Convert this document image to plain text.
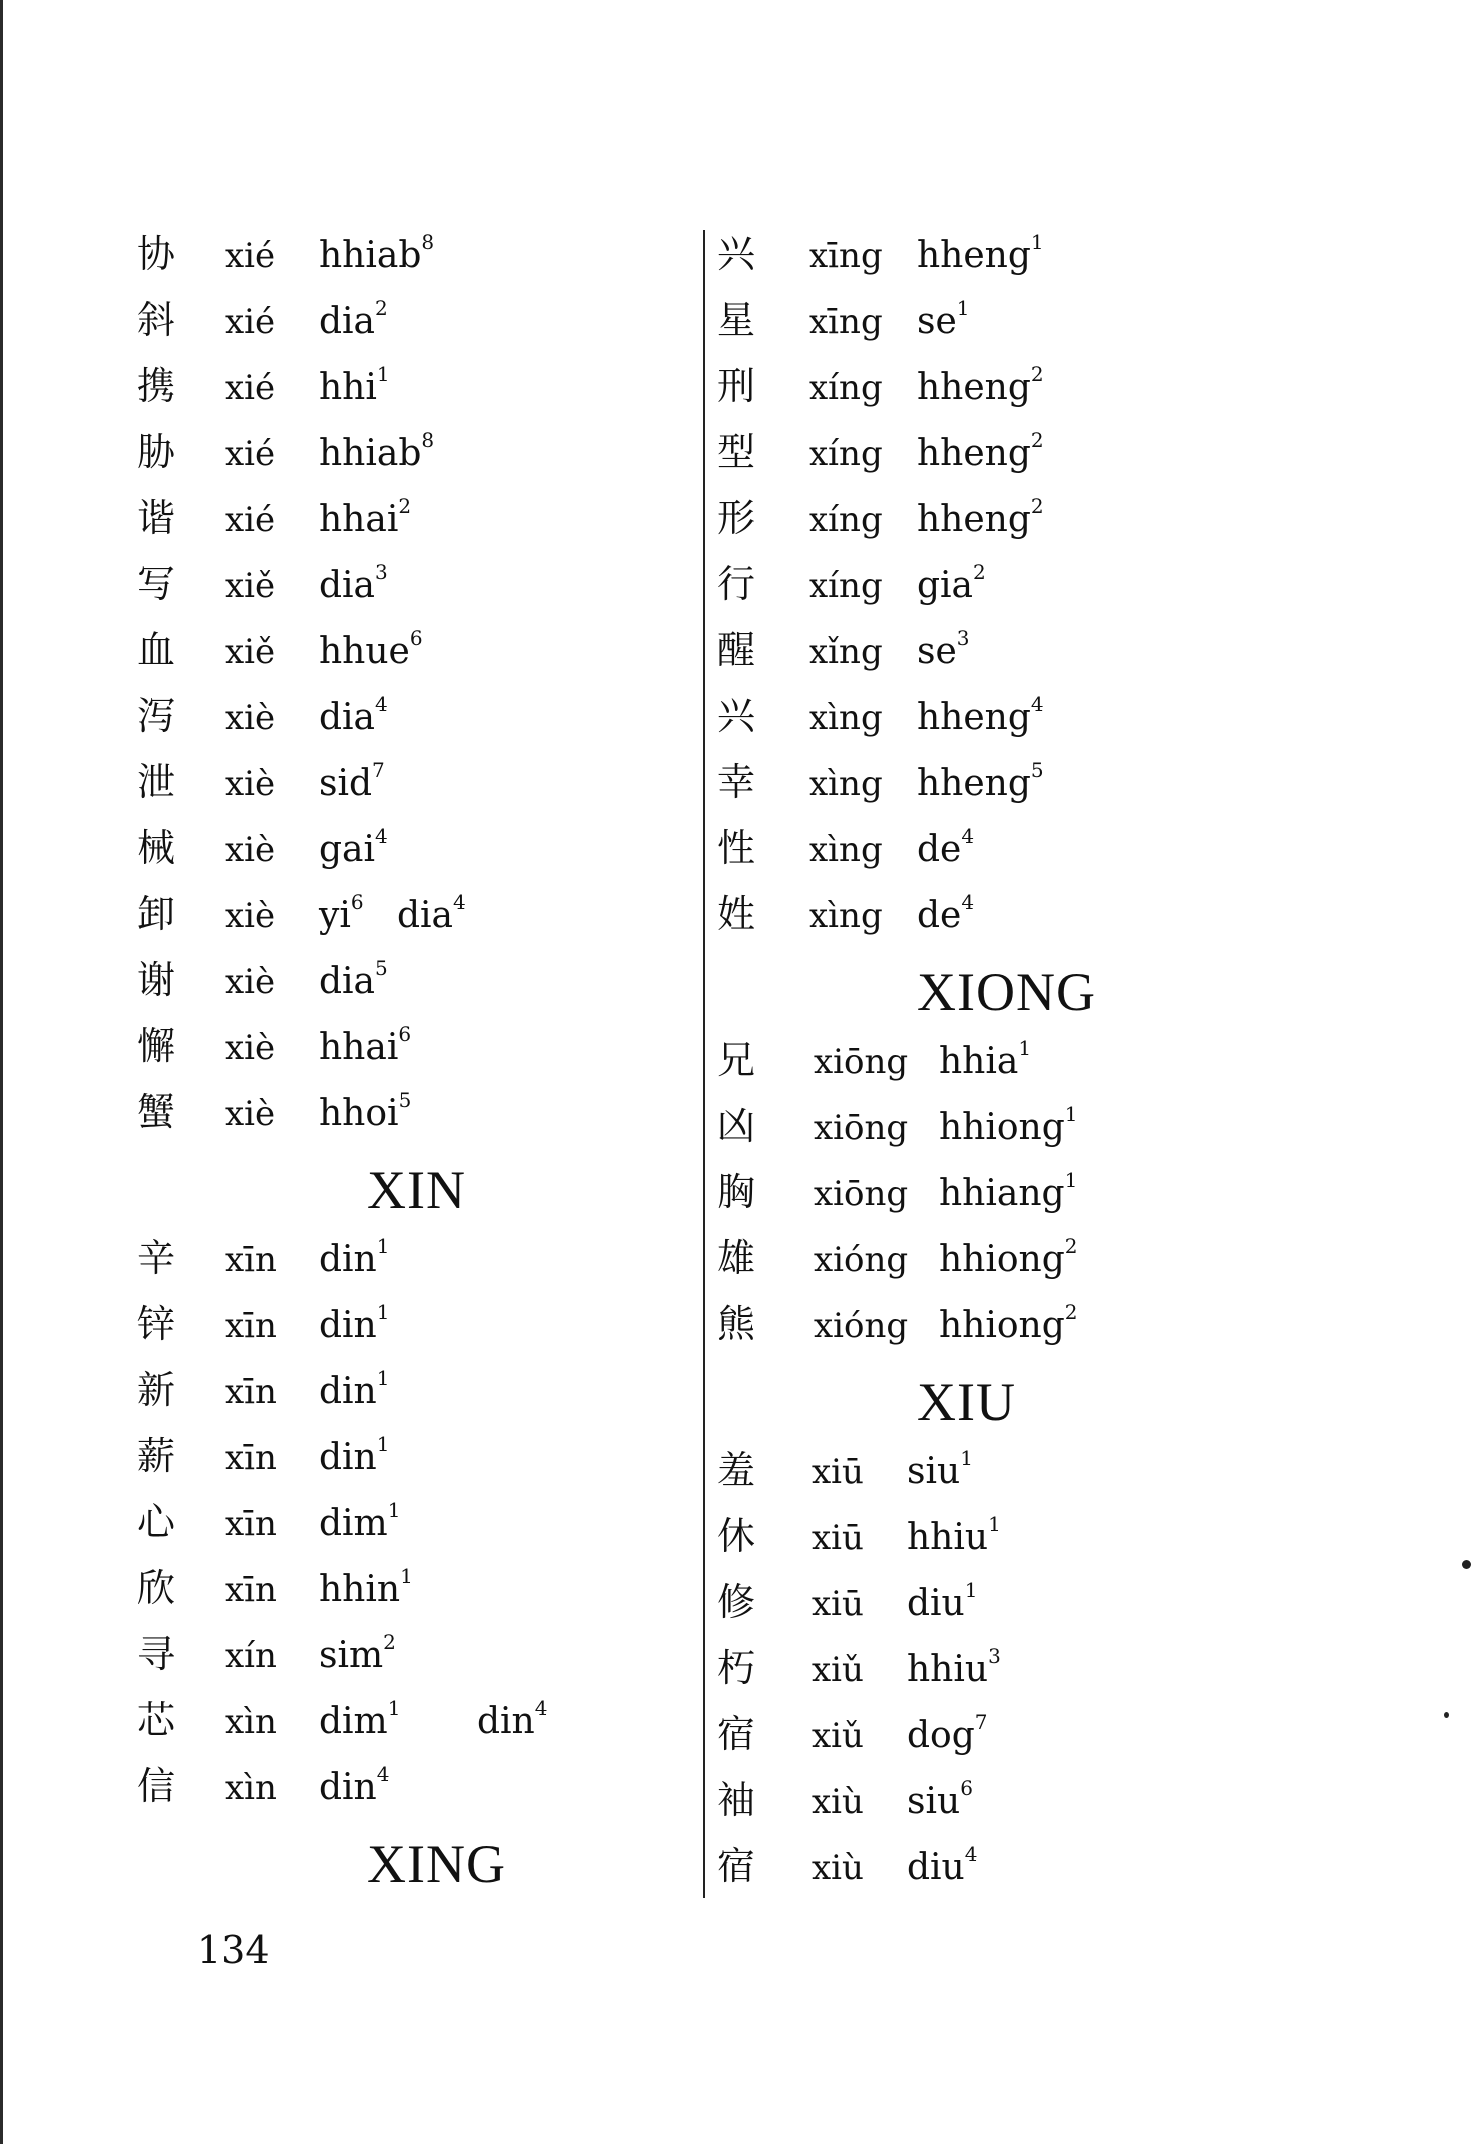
协 xié hhiab$^8$
斜 xié dia$^2$
携 xié hhi$^1$
胁 xié hhiab$^8$
谐 xié hhai$^2$
写 xiě dia$^3$
血 xiě hhue$^6$
泻 xiè dia$^4$
泄 xiè sid$^7$
械 xiè gai$^4$
卸 xiè $yi^6$ dia$^4$
谢 xiè dia$^5$
懈 xiè hhai$^6$
蟹 xiè hhoi$^5$
XIN
辛 xīn din$^1$
锌 xīn din$^1$
新 xīn din$^1$
薪 xīn din$^1$
心 xīn dim$^1$
欣 xīn hhin$^1$
寻 xín sim$^2$
芯 xìn dim$^1$ din$^4$
信 xìn din$^4$
XING
兴 xīng hheng$^1$
星 xīng $se^1$
刑 xíng hheng$^2$
型 xíng hheng$^2$
形 xíng hheng$^2$
行 xíng gia$^2$
醒 xǐng $se^3$
兴 xìng hheng$^4$
幸 xìng hheng$^5$
性 xìng $de^4$
姓 xìng $de^4$
XIONG
兄 xiōng hhia$^1$
凶 xiōng hhiong$^1$
胸 xiōng hhiang$^1$
雄 xióng hhiong$^2$
熊 xióng hhiong$^2$
XIU
羞 xiū siu$^1$
休 xiū hhiu$^1$
修 xiū diu$^1$
朽 xiǔ hhiu$^3$
宿 xiǔ dog$^7$
袖 xiù siu$^6$
宿 xiù diu$^4$
134
